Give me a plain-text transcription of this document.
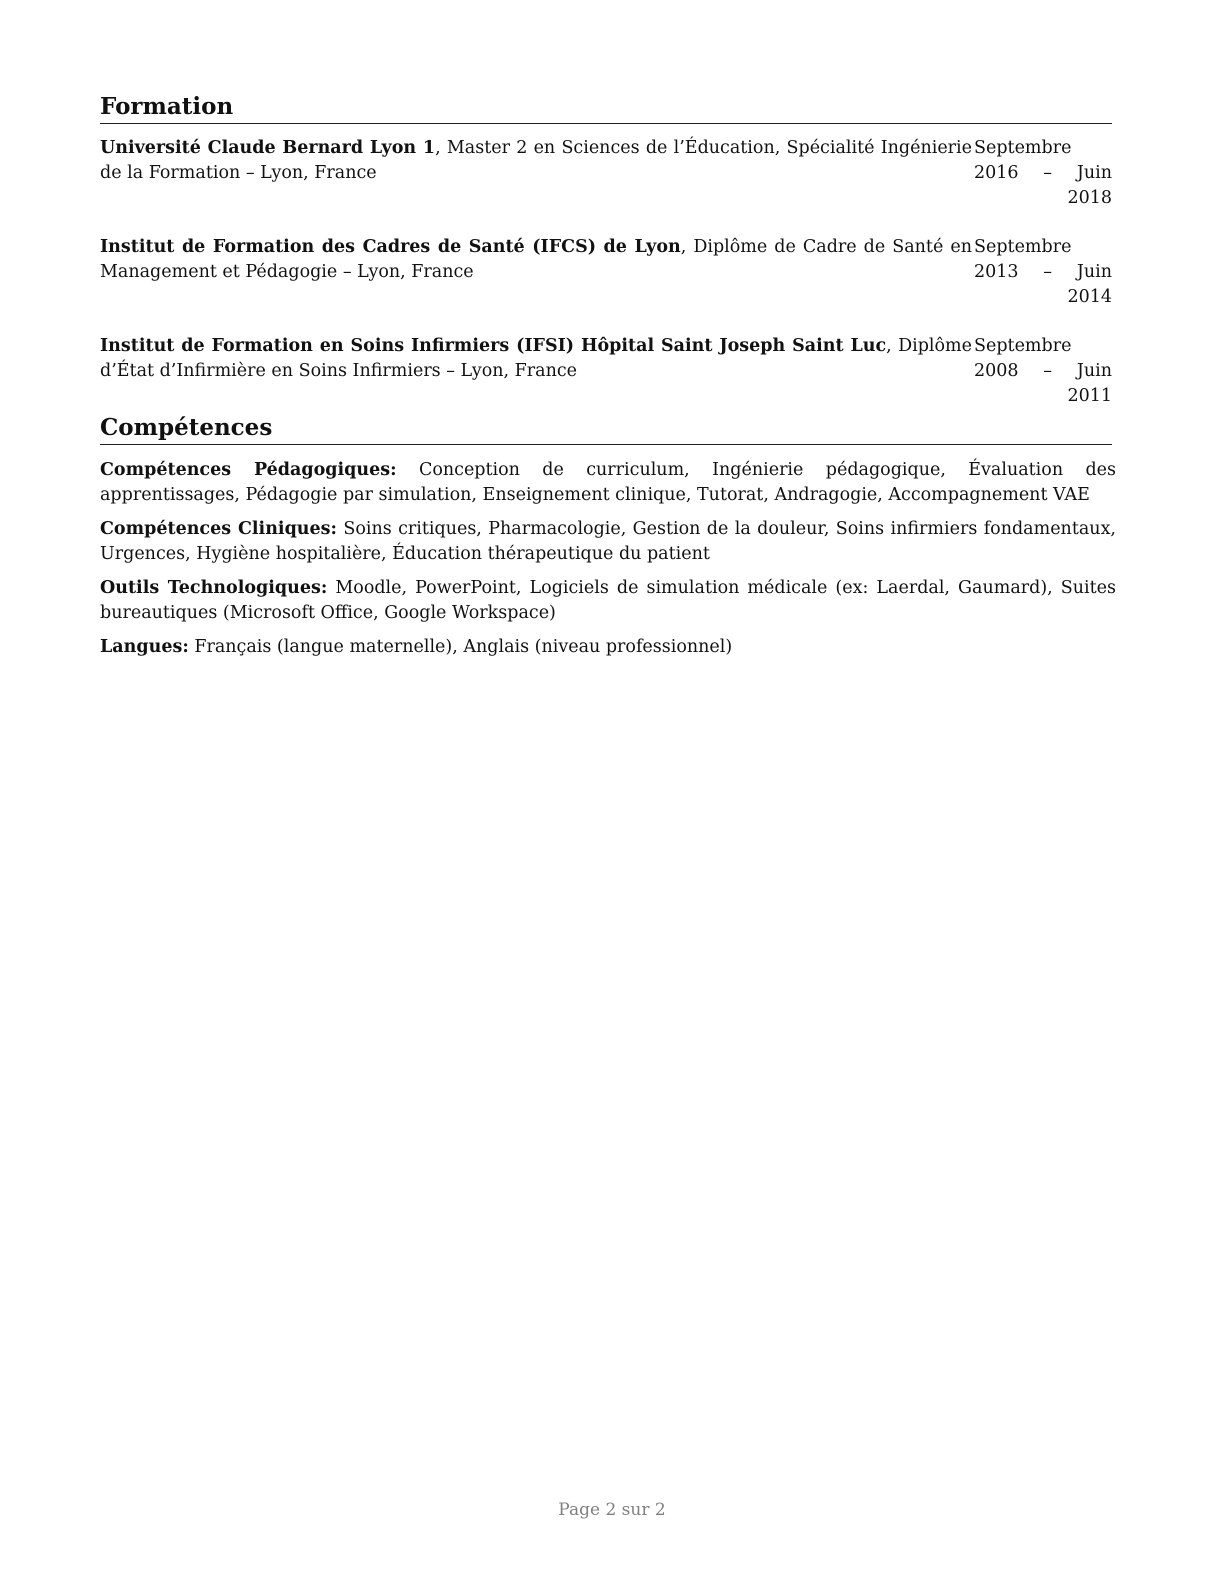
Formation
Université Claude Bernard Lyon 1, Master 2 en Sciences de l’Éducation, Spécialité Ingénierie de la Formation – Lyon, France
Septembre 2016 – Juin 2018
Institut de Formation des Cadres de Santé (IFCS) de Lyon, Diplôme de Cadre de Santé en Management et Pédagogie – Lyon, France
Septembre 2013 – Juin 2014
Institut de Formation en Soins Infirmiers (IFSI) Hôpital Saint Joseph Saint Luc, Diplôme d’État d’Infirmière en Soins Infirmiers – Lyon, France
Septembre 2008 – Juin 2011
Compétences
Compétences Pédagogiques: Conception de curriculum, Ingénierie pédagogique, Évaluation des apprentissages, Pédagogie par simulation, Enseignement clinique, Tutorat, Andragogie, Accompagnement VAE
Compétences Cliniques: Soins critiques, Pharmacologie, Gestion de la douleur, Soins infirmiers fondamentaux, Urgences, Hygiène hospitalière, Éducation thérapeutique du patient
Outils Technologiques: Moodle, PowerPoint, Logiciels de simulation médicale (ex: Laerdal, Gaumard), Suites bureautiques (Microsoft Office, Google Workspace)
Langues: Français (langue maternelle), Anglais (niveau professionnel)
Page 2 sur 2
